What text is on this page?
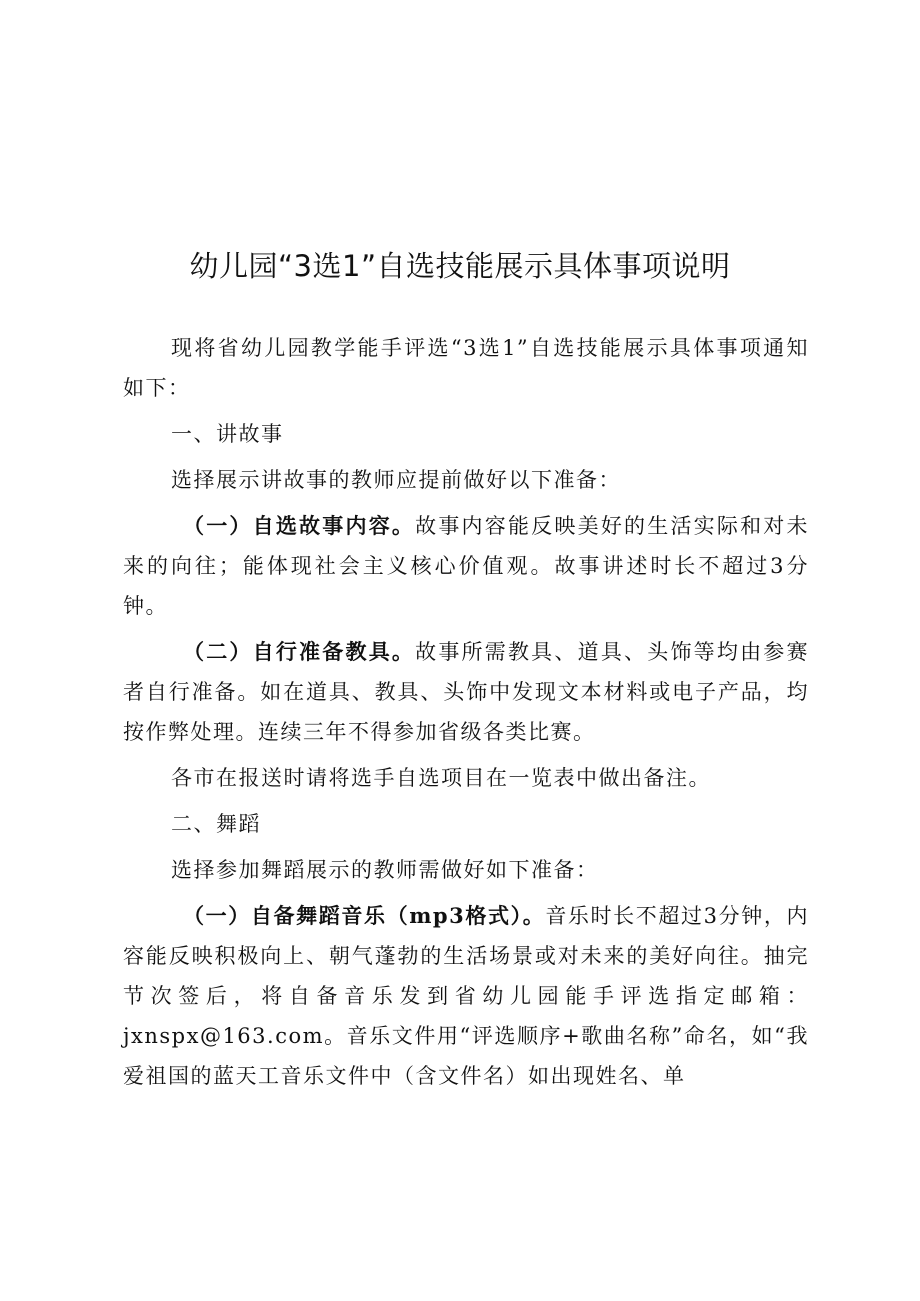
幼儿园“3选1”自选技能展示具体事项说明

现将省幼儿园教学能手评选“3选1”自选技能展示具体事项通知如下：

一、讲故事

选择展示讲故事的教师应提前做好以下准备：

（一）自选故事内容。故事内容能反映美好的生活实际和对未来的向往；能体现社会主义核心价值观。故事讲述时长不超过3分钟。

（二）自行准备教具。故事所需教具、道具、头饰等均由参赛者自行准备。如在道具、教具、头饰中发现文本材料或电子产品，均按作弊处理。连续三年不得参加省级各类比赛。

各市在报送时请将选手自选项目在一览表中做出备注。

二、舞蹈

选择参加舞蹈展示的教师需做好如下准备：

（一）自备舞蹈音乐（mp3格式）。音乐时长不超过3分钟，内容能反映积极向上、朝气蓬勃的生活场景或对未来的美好向往。抽完节次签后，将自备音乐发到省幼儿园能手评选指定邮箱：jxnspx@163.com。音乐文件用“评选顺序+歌曲名称”命名，如“我爱祖国的蓝天工音乐文件中（含文件名）如出现姓名、单
